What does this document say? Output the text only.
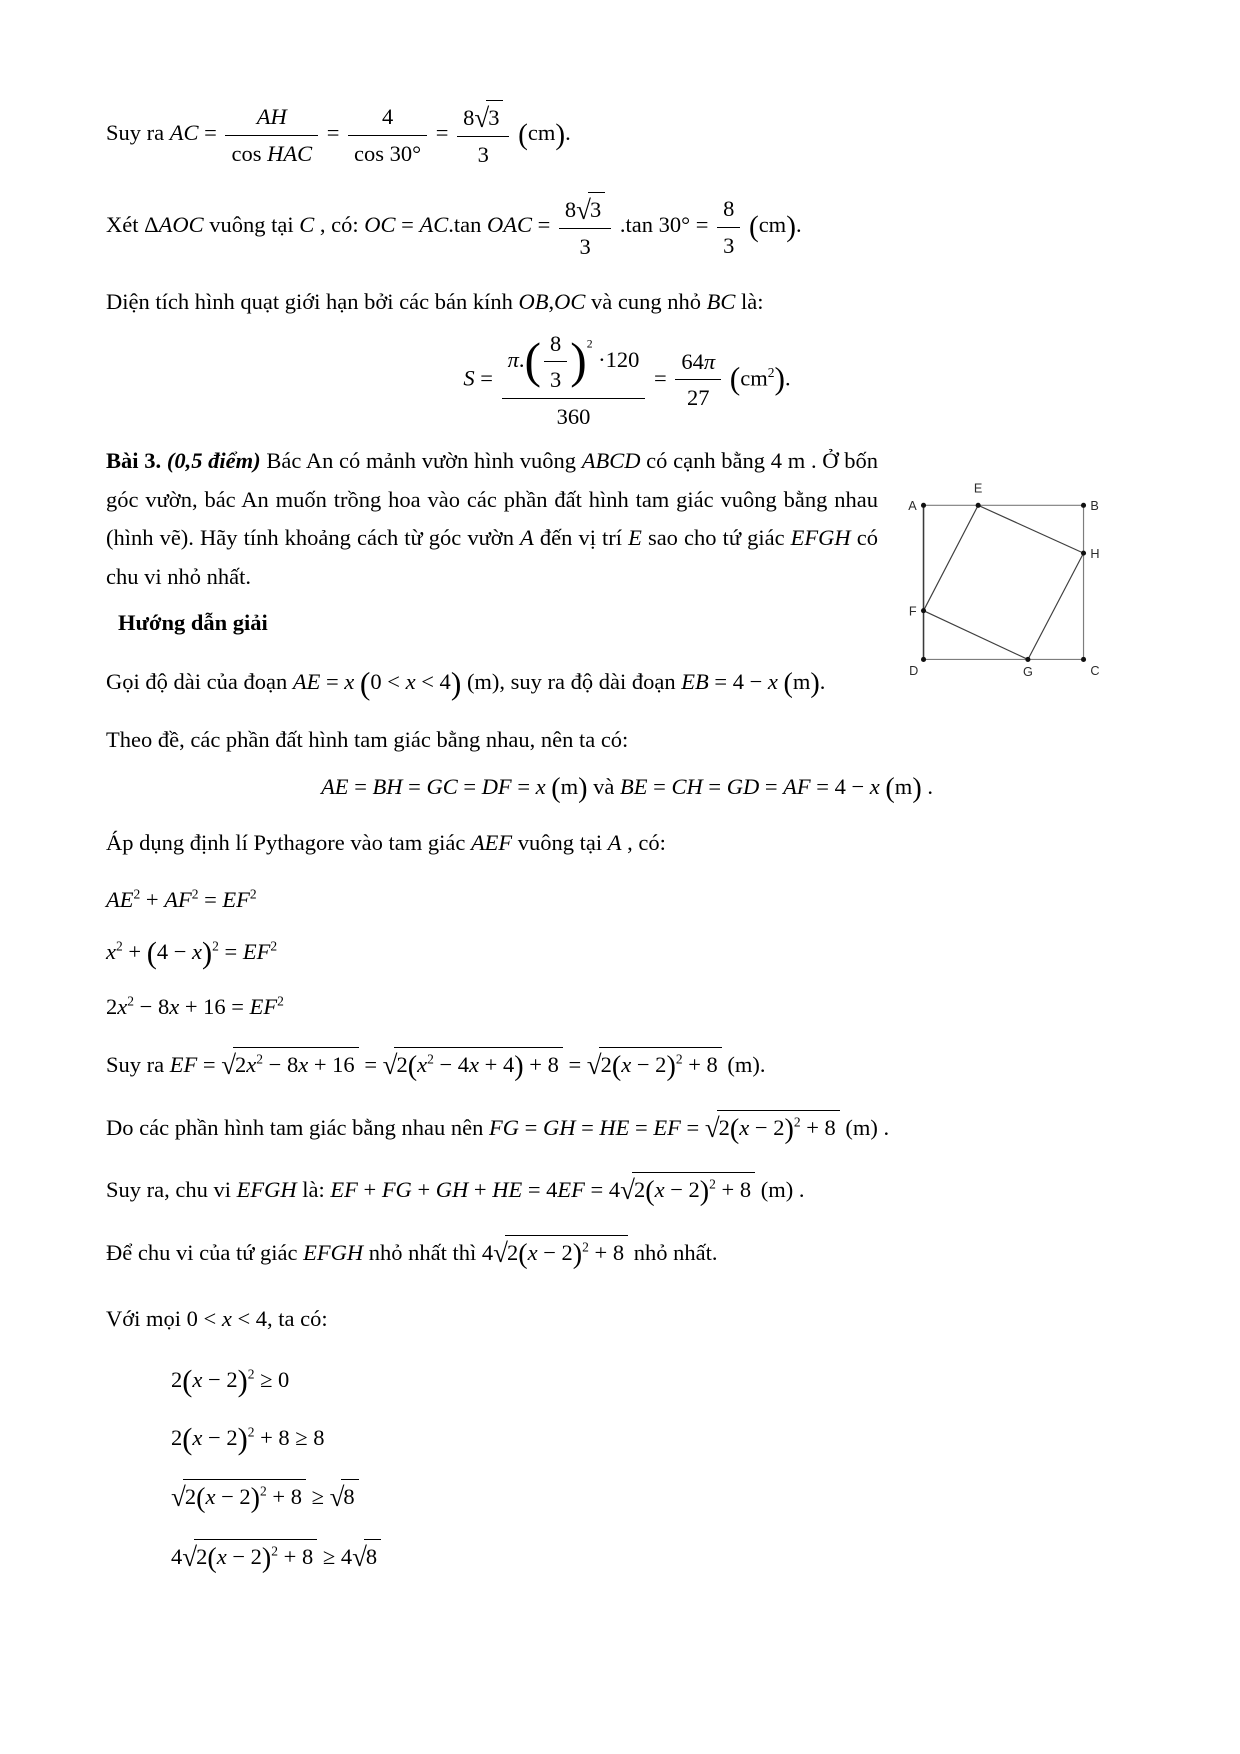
Suy ra AC = $\frac{AH}{\text{cos HAC}} = \frac{4}{\cos 30^\circ} = \frac{8√3}{3} (cm)$.
Xét ΔAOC vuông tại C , có: OC = AC.tan OAC = $\frac{8√3}{3} .\tan$ $30^\circ = \frac{8}{3} (cm)$.
Diện tích hình quạt giới hạn bởi các bán kính OB,OC và cung nhỏ BC là:
$S = \frac{\pi.( \frac{8}{3} )^2 \cdot 120}{360} = \frac{64\pi}{27} (cm^2)$.
Bài 3. (0,5 điểm) Bác An có mảnh vườn hình vuông ABCD có cạnh bằng 4 m . Ở bốn góc vườn, bác An muốn trồng hoa vào các phần đất hình tam giác vuông bằng nhau (hình vẽ). Hãy tính khoảng cách từ góc vườn A đến vị trí E sao cho tứ giác EFGH có chu vi nhỏ nhất.
A
E
B
H
F
D	G	C
Hướng dẫn giải
Gọi độ dài của đoạn AE = x (0 < x < 4) (m), suy ra độ dài đoạn EB = 4 − x (m).
Theo đề, các phần đất hình tam giác bằng nhau, nên ta có:
AE = BH = GC = DF = x (m) và BE = CH = GD = AF = 4 − x (m) .
Áp dụng định lí Pythagore vào tam giác AEF vuông tại A , có:
$AE^2 + AF^2 = EF^2$
$x^2 + (4 - x)^2 = EF^2$
$2x^2 - 8x + 16 = EF^2$
Suy ra EF = $√2x^2 - 8x + 16 = √2(x^2 - 4x + 4) + 8 = √2(x - 2)^2 + 8$ (m).
Do các phần hình tam giác bằng nhau nên FG = GH = HE = EF = $√2(x - 2)^2 + 8$ (m) .
Suy ra, chu vi EFGH là: EF + FG + GH + HE = $4EF = 4√2(x - 2)^2 + 8$ (m) .
Để chu vi của tứ giác EFGH nhỏ nhất thì $4√2(x - 2)^2 + 8$ nhỏ nhất.
Với mọi 0 < x < 4, ta có:
$2(x - 2)^2 \ge 0$
$2(x - 2)^2 + 8 \ge 8$
$√2(x - 2)^2 + 8 \ge √8$
$4√2(x - 2)^2 + 8 \ge 4√8$
